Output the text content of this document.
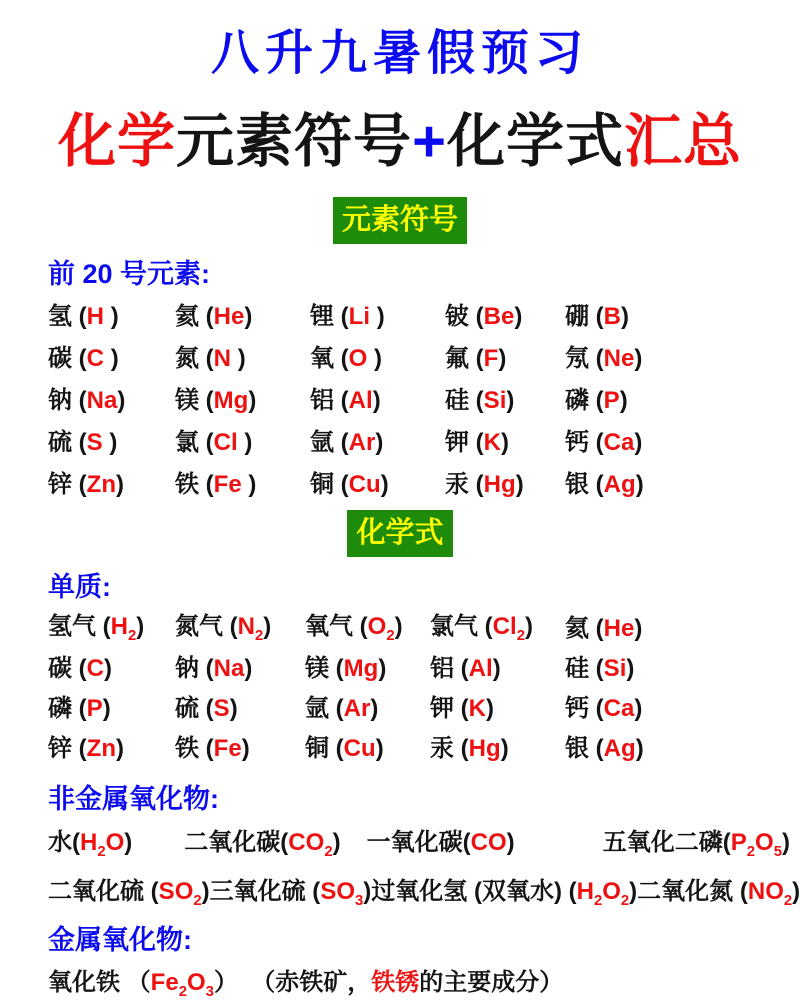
八升九暑假预习
化学元素符号+化学式汇总
元素符号
前 20 号元素:
氢 (H )	氦 (He)	锂 (Li )	铍 (Be)	硼 (B)
碳 (C )	氮 (N )	氧 (O )	氟 (F)	氖 (Ne)
钠 (Na)	镁 (Mg)	铝 (Al)	硅 (Si)	磷 (P)
硫 (S )	氯 (Cl )	氩 (Ar)	钾 (K)	钙 (Ca)
锌 (Zn)	铁 (Fe )	铜 (Cu)	汞 (Hg)	银 (Ag)
化学式
单质:
氢气 $(H_2)$	氮气 $(N_2)$	氧气 $(O_2)$	氯气 $(Cl_2)$	氦 (He)
碳 (C)	钠 (Na)	镁 (Mg)	铝 (Al)	硅 (Si)
磷 (P)	硫 (S)	氩 (Ar)	钾 (K)	钙 (Ca)
锌 (Zn)	铁 (Fe)	铜 (Cu)	汞 (Hg)	银 (Ag)
非金属氧化物:
水$(H_2O)$ 二氧化碳$(CO_2)$ 一氧化碳(CO)	五氧化二磷$(P_2O_5)$
二氧化硫 $(SO_2)$ 三氧化硫 $(SO_3)$ 过氧化氢 (双氧水) $(H_2O_2)$ 二氧化氮 $(NO_2)$
金属氧化物:
氧化铁 $(Fe_2O_3)$  （赤铁矿，铁锈的主要成分）
